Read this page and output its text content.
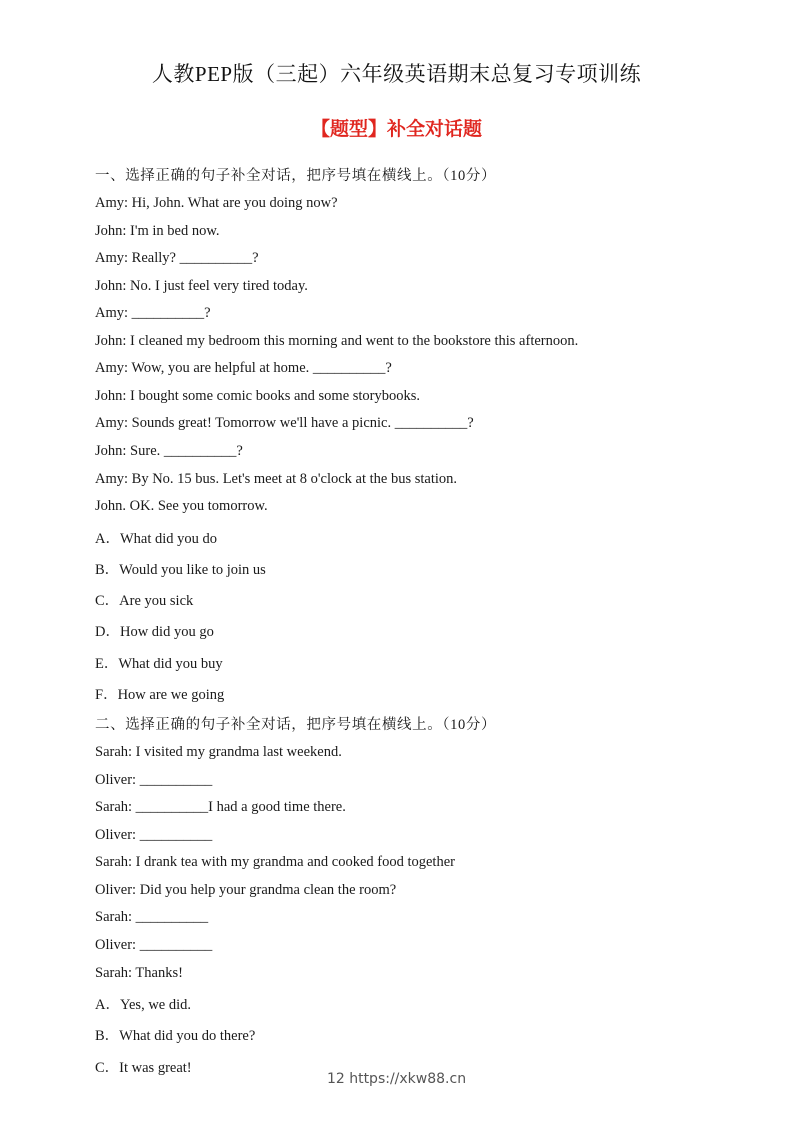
人教PEP版（三起）六年级英语期末总复习专项训练
【题型】补全对话题
一、选择正确的句子补全对话，把序号填在横线上。（10分）
Amy: Hi, John. What are you doing now?
John: I'm in bed now.
Amy: Really? __________?
John: No. I just feel very tired today.
Amy: __________?
John: I cleaned my bedroom this morning and went to the bookstore this afternoon.
Amy: Wow, you are helpful at home. __________?
John: I bought some comic books and some storybooks.
Amy: Sounds great! Tomorrow we'll have a picnic. __________?
John: Sure. __________?
Amy: By No. 15 bus. Let's meet at 8 o'clock at the bus station.
John. OK. See you tomorrow.
A．What did you do
B．Would you like to join us
C．Are you sick
D．How did you go
E．What did you buy
F．How are we going
二、选择正确的句子补全对话，把序号填在横线上。（10分）
Sarah: I visited my grandma last weekend.
Oliver: __________
Sarah: __________I had a good time there.
Oliver: __________
Sarah: I drank tea with my grandma and cooked food together
Oliver: Did you help your grandma clean the room?
Sarah: __________
Oliver: __________
Sarah: Thanks!
A．Yes, we did.
B．What did you do there?
C．It was great!
12 https://xkw88.cn
